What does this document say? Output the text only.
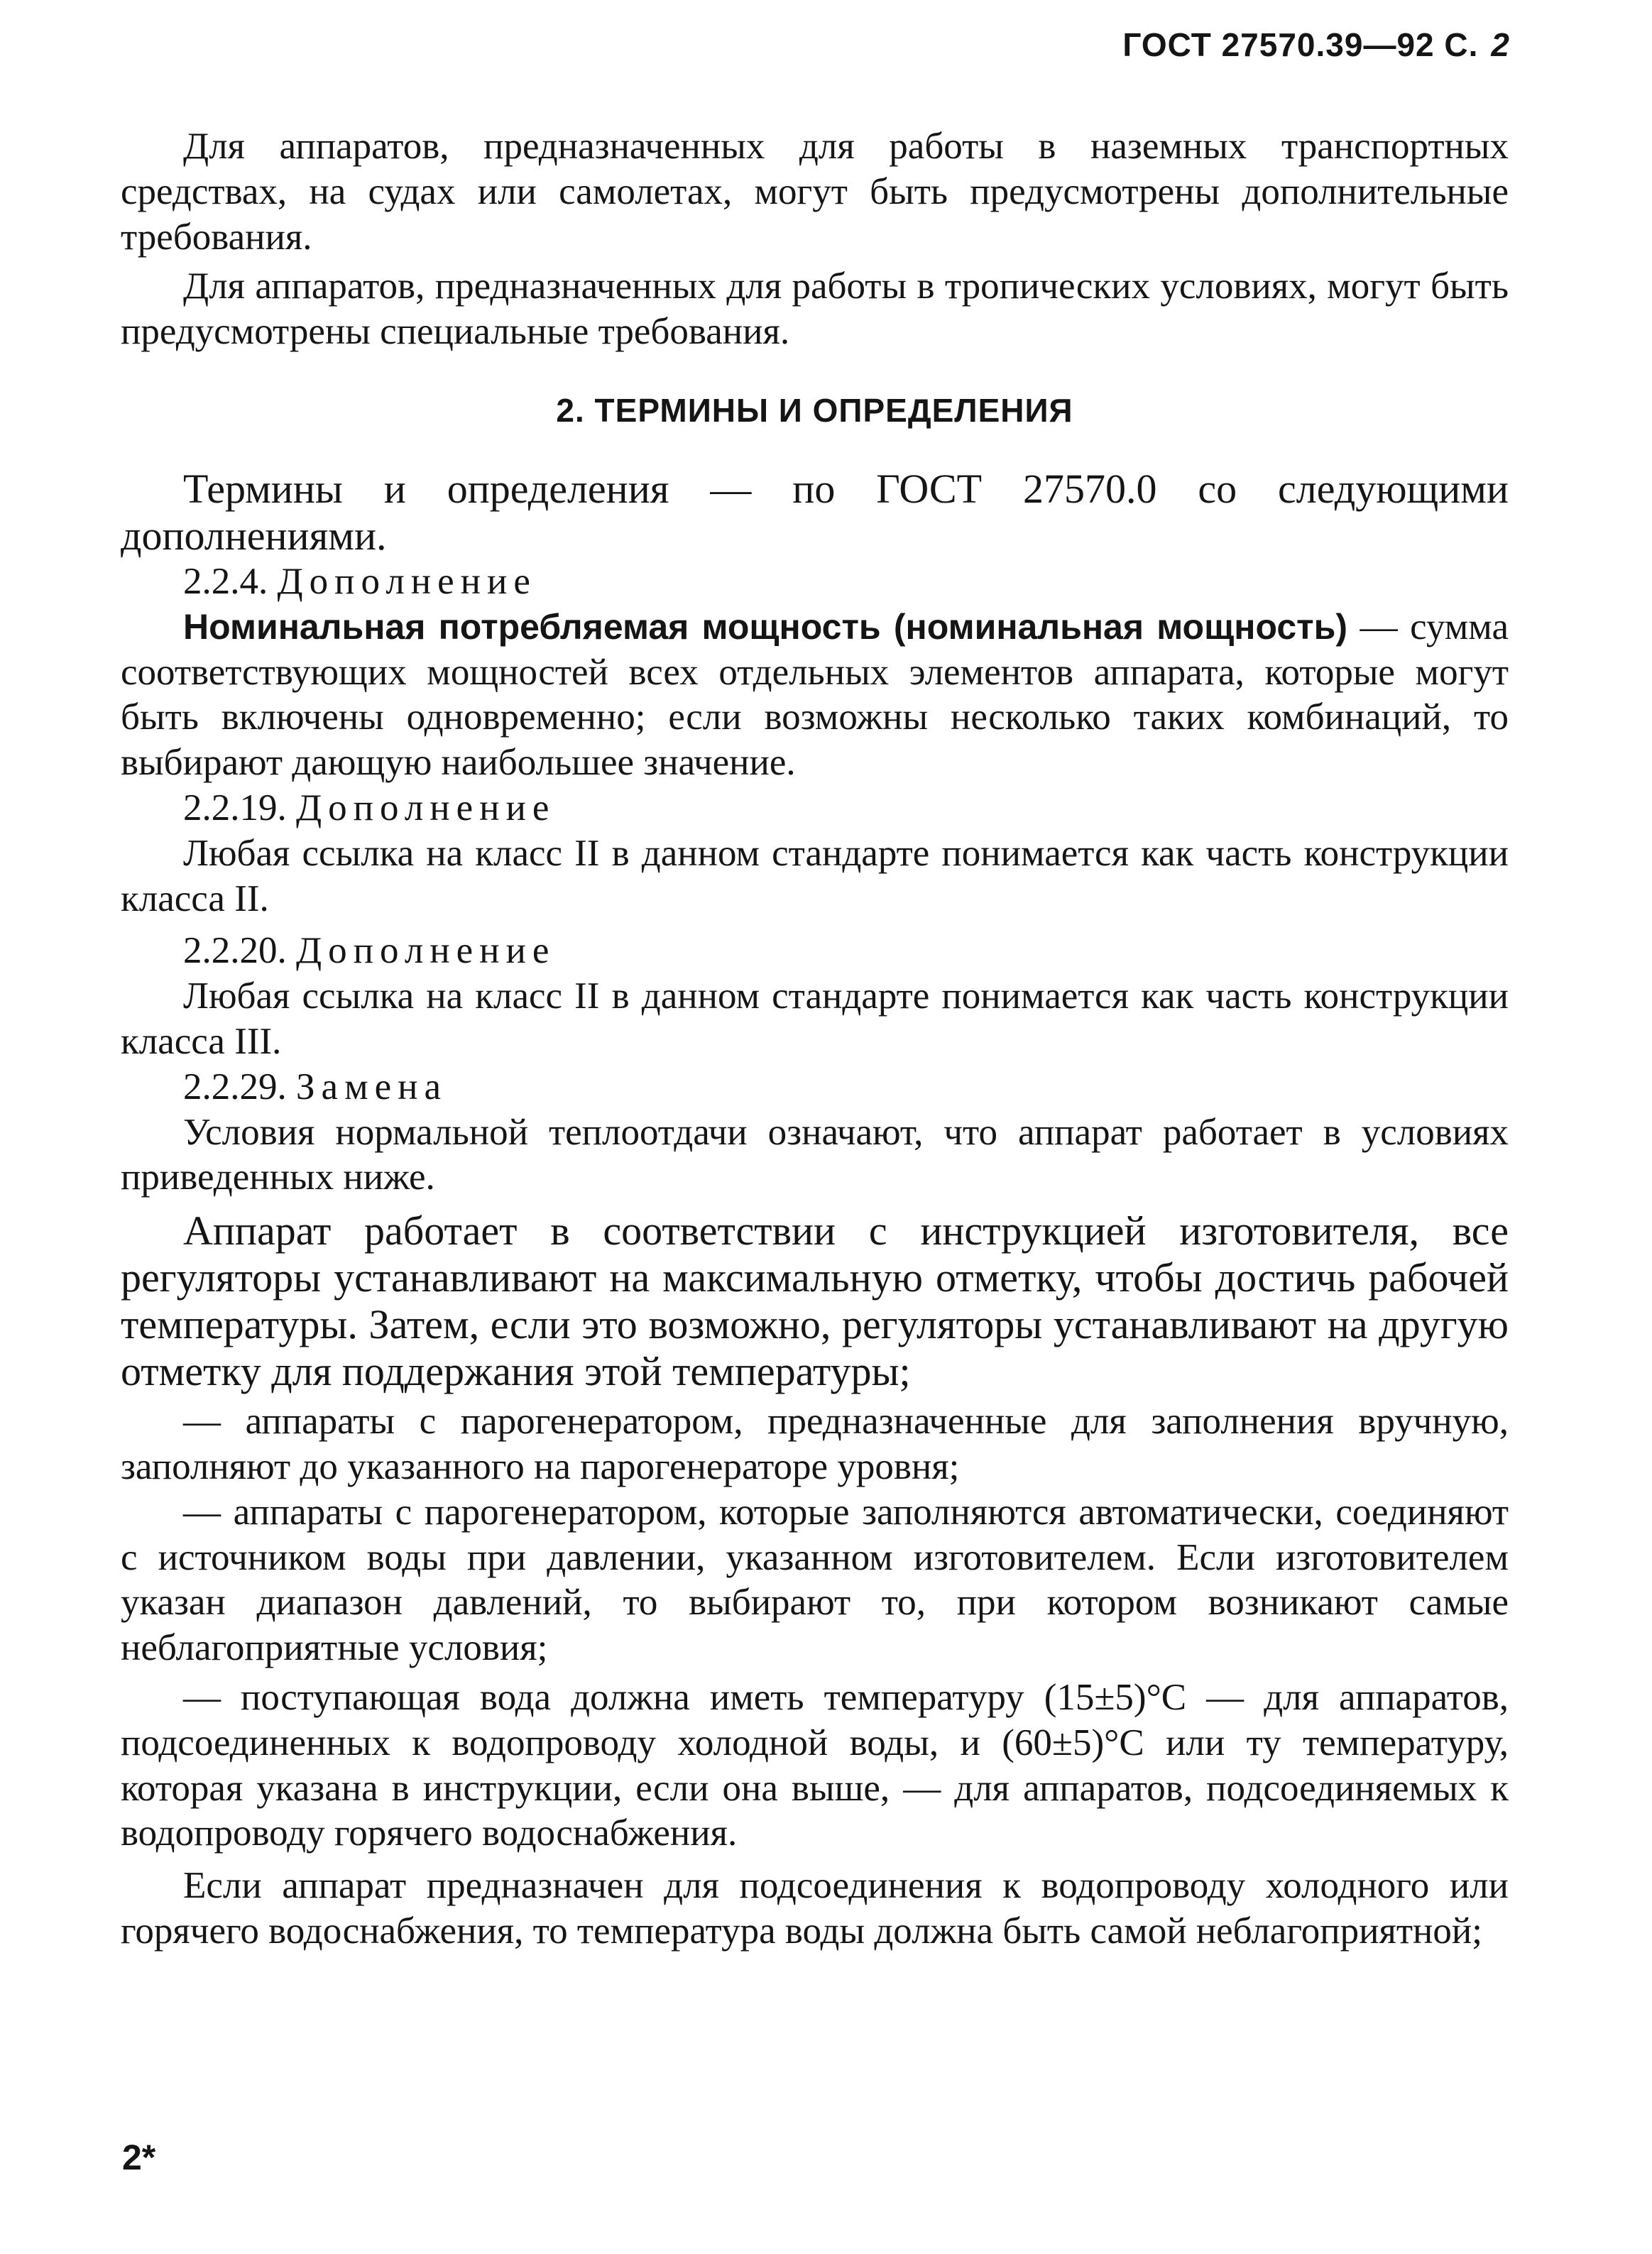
ГОСТ 27570.39—92 С. 2

Для аппаратов, предназначенных для работы в наземных транспортных средствах, на судах или самолетах, могут быть предусмотрены дополнительные требования.

Для аппаратов, предназначенных для работы в тропических условиях, могут быть предусмотрены специальные требования.

2. ТЕРМИНЫ И ОПРЕДЕЛЕНИЯ

Термины и определения — по ГОСТ 27570.0 со следующими дополнениями.

2.2.4. Дополнение

Номинальная потребляемая мощность (номинальная мощность) — сумма соответствующих мощностей всех отдельных элементов аппарата, которые могут быть включены одновременно; если возможны несколько таких комбинаций, то выбирают дающую наибольшее значение.

2.2.19. Дополнение

Любая ссылка на класс II в данном стандарте понимается как часть конструкции класса II.

2.2.20. Дополнение

Любая ссылка на класс II в данном стандарте понимается как часть конструкции класса III.

2.2.29. Замена

Условия нормальной теплоотдачи означают, что аппарат работает в условиях приведенных ниже.

Аппарат работает в соответствии с инструкцией изготовителя, все регуляторы устанавливают на максимальную отметку, чтобы достичь рабочей температуры. Затем, если это возможно, регуляторы устанавливают на другую отметку для поддержания этой температуры;

— аппараты с парогенератором, предназначенные для заполнения вручную, заполняют до указанного на парогенераторе уровня;

— аппараты с парогенератором, которые заполняются автоматически, соединяют с источником воды при давлении, указанном изготовителем. Если изготовителем указан диапазон давлений, то выбирают то, при котором возникают самые неблагоприятные условия;

— поступающая вода должна иметь температуру (15±5)°С — для аппаратов, подсоединенных к водопроводу холодной воды, и (60±5)°С или ту температуру, которая указана в инструкции, если она выше, — для аппаратов, подсоединяемых к водопроводу горячего водоснабжения.

Если аппарат предназначен для подсоединения к водопроводу холодного или горячего водоснабжения, то температура воды должна быть самой неблагоприятной;

2*
